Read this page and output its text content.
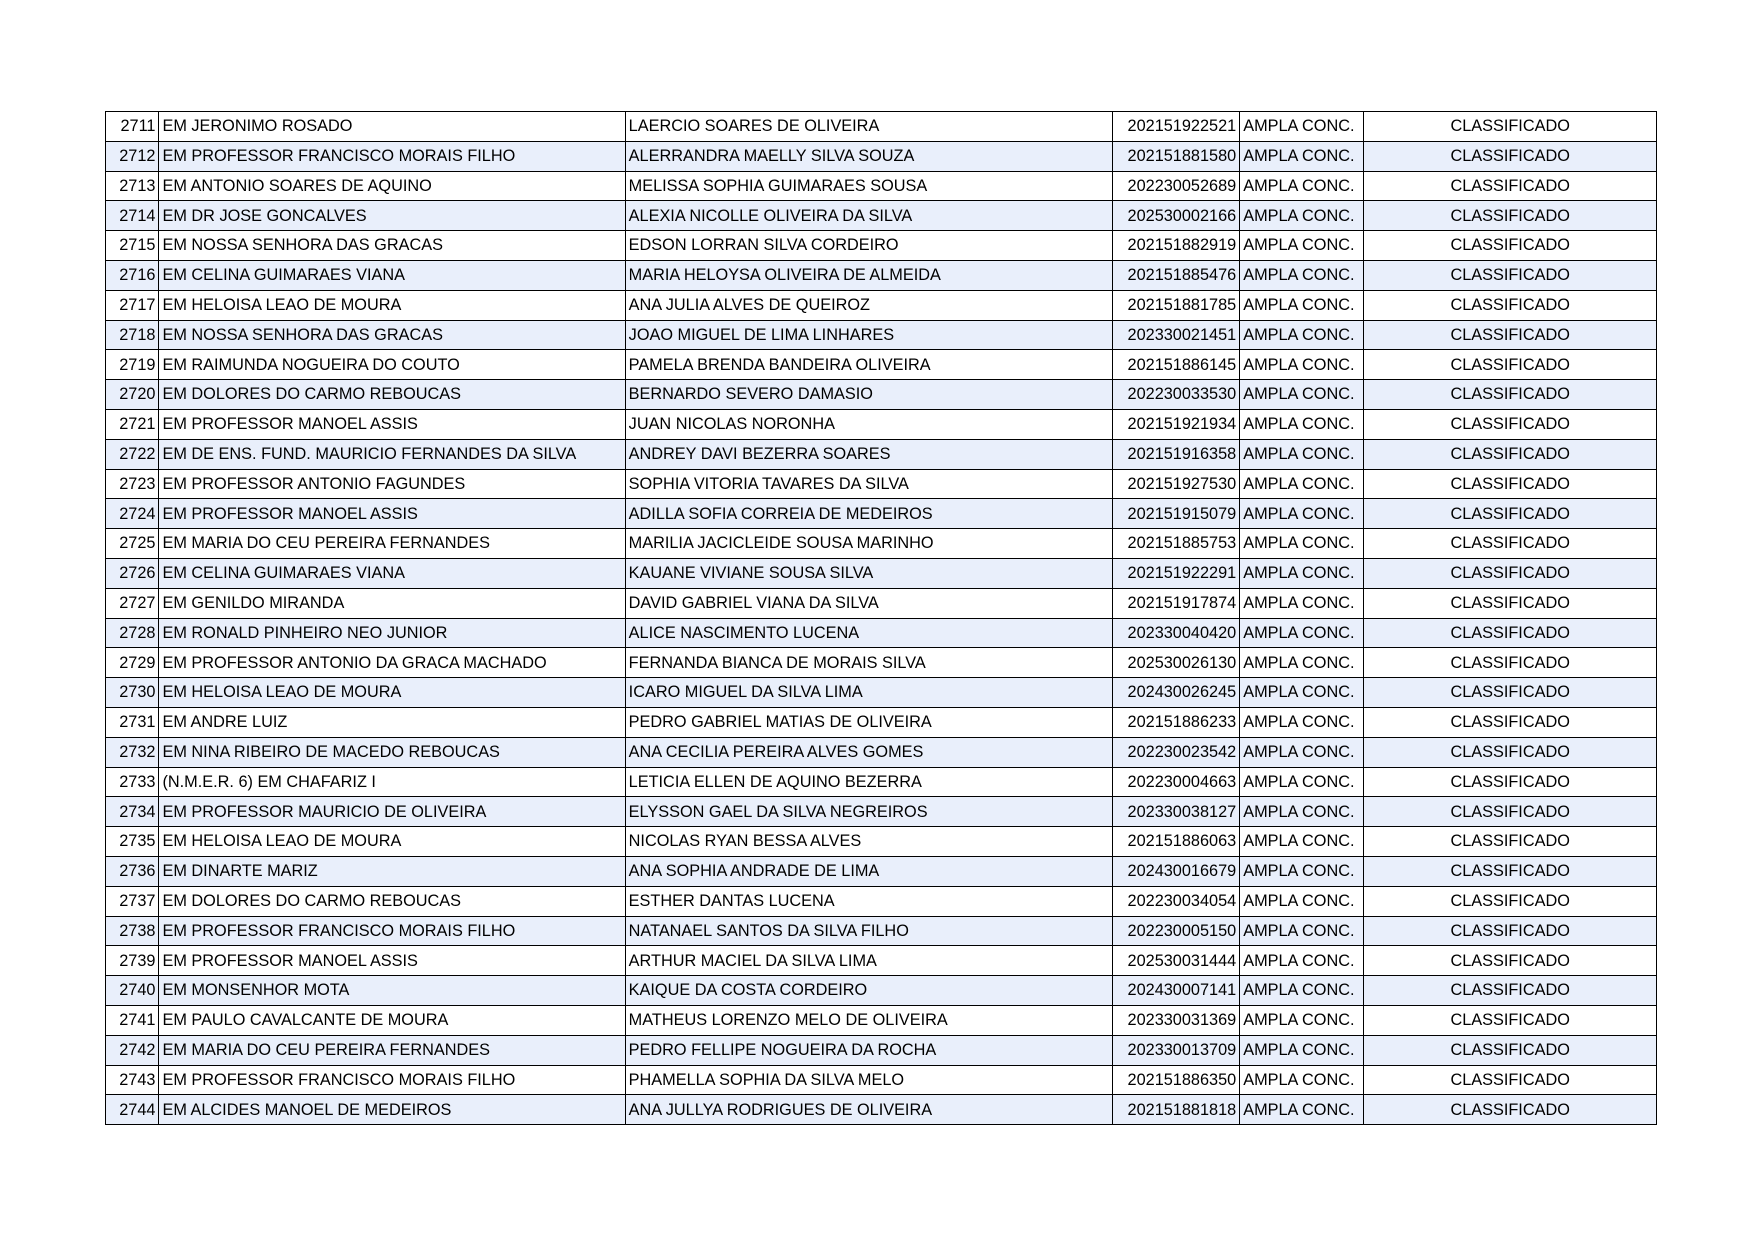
2711	EM JERONIMO ROSADO	LAERCIO SOARES DE OLIVEIRA	202151922521	AMPLA CONC.	CLASSIFICADO
2712	EM PROFESSOR FRANCISCO MORAIS FILHO	ALERRANDRA MAELLY SILVA SOUZA	202151881580	AMPLA CONC.	CLASSIFICADO
2713	EM ANTONIO SOARES DE AQUINO	MELISSA SOPHIA GUIMARAES SOUSA	202230052689	AMPLA CONC.	CLASSIFICADO
2714	EM DR JOSE GONCALVES	ALEXIA NICOLLE OLIVEIRA DA SILVA	202530002166	AMPLA CONC.	CLASSIFICADO
2715	EM NOSSA SENHORA DAS GRACAS	EDSON LORRAN SILVA CORDEIRO	202151882919	AMPLA CONC.	CLASSIFICADO
2716	EM CELINA GUIMARAES VIANA	MARIA HELOYSA OLIVEIRA DE ALMEIDA	202151885476	AMPLA CONC.	CLASSIFICADO
2717	EM HELOISA LEAO DE MOURA	ANA JULIA ALVES DE QUEIROZ	202151881785	AMPLA CONC.	CLASSIFICADO
2718	EM NOSSA SENHORA DAS GRACAS	JOAO MIGUEL DE LIMA LINHARES	202330021451	AMPLA CONC.	CLASSIFICADO
2719	EM RAIMUNDA NOGUEIRA DO COUTO	PAMELA BRENDA BANDEIRA OLIVEIRA	202151886145	AMPLA CONC.	CLASSIFICADO
2720	EM DOLORES DO CARMO REBOUCAS	BERNARDO SEVERO DAMASIO	202230033530	AMPLA CONC.	CLASSIFICADO
2721	EM PROFESSOR MANOEL ASSIS	JUAN NICOLAS NORONHA	202151921934	AMPLA CONC.	CLASSIFICADO
2722	EM DE ENS. FUND. MAURICIO FERNANDES DA SILVA	ANDREY DAVI BEZERRA SOARES	202151916358	AMPLA CONC.	CLASSIFICADO
2723	EM PROFESSOR ANTONIO FAGUNDES	SOPHIA VITORIA TAVARES DA SILVA	202151927530	AMPLA CONC.	CLASSIFICADO
2724	EM PROFESSOR MANOEL ASSIS	ADILLA SOFIA CORREIA DE MEDEIROS	202151915079	AMPLA CONC.	CLASSIFICADO
2725	EM MARIA DO CEU PEREIRA FERNANDES	MARILIA JACICLEIDE SOUSA MARINHO	202151885753	AMPLA CONC.	CLASSIFICADO
2726	EM CELINA GUIMARAES VIANA	KAUANE VIVIANE SOUSA SILVA	202151922291	AMPLA CONC.	CLASSIFICADO
2727	EM GENILDO MIRANDA	DAVID GABRIEL VIANA DA SILVA	202151917874	AMPLA CONC.	CLASSIFICADO
2728	EM RONALD PINHEIRO NEO JUNIOR	ALICE NASCIMENTO LUCENA	202330040420	AMPLA CONC.	CLASSIFICADO
2729	EM PROFESSOR ANTONIO DA GRACA MACHADO	FERNANDA BIANCA DE MORAIS SILVA	202530026130	AMPLA CONC.	CLASSIFICADO
2730	EM HELOISA LEAO DE MOURA	ICARO MIGUEL DA SILVA LIMA	202430026245	AMPLA CONC.	CLASSIFICADO
2731	EM ANDRE LUIZ	PEDRO GABRIEL MATIAS DE OLIVEIRA	202151886233	AMPLA CONC.	CLASSIFICADO
2732	EM NINA RIBEIRO DE MACEDO REBOUCAS	ANA CECILIA PEREIRA ALVES GOMES	202230023542	AMPLA CONC.	CLASSIFICADO
2733	(N.M.E.R. 6) EM CHAFARIZ I	LETICIA ELLEN DE AQUINO BEZERRA	202230004663	AMPLA CONC.	CLASSIFICADO
2734	EM PROFESSOR MAURICIO DE OLIVEIRA	ELYSSON GAEL DA SILVA NEGREIROS	202330038127	AMPLA CONC.	CLASSIFICADO
2735	EM HELOISA LEAO DE MOURA	NICOLAS RYAN BESSA ALVES	202151886063	AMPLA CONC.	CLASSIFICADO
2736	EM DINARTE MARIZ	ANA SOPHIA ANDRADE DE LIMA	202430016679	AMPLA CONC.	CLASSIFICADO
2737	EM DOLORES DO CARMO REBOUCAS	ESTHER DANTAS LUCENA	202230034054	AMPLA CONC.	CLASSIFICADO
2738	EM PROFESSOR FRANCISCO MORAIS FILHO	NATANAEL SANTOS DA SILVA FILHO	202230005150	AMPLA CONC.	CLASSIFICADO
2739	EM PROFESSOR MANOEL ASSIS	ARTHUR MACIEL DA SILVA LIMA	202530031444	AMPLA CONC.	CLASSIFICADO
2740	EM MONSENHOR MOTA	KAIQUE DA COSTA CORDEIRO	202430007141	AMPLA CONC.	CLASSIFICADO
2741	EM PAULO CAVALCANTE DE MOURA	MATHEUS LORENZO MELO DE OLIVEIRA	202330031369	AMPLA CONC.	CLASSIFICADO
2742	EM MARIA DO CEU PEREIRA FERNANDES	PEDRO FELLIPE NOGUEIRA DA ROCHA	202330013709	AMPLA CONC.	CLASSIFICADO
2743	EM PROFESSOR FRANCISCO MORAIS FILHO	PHAMELLA SOPHIA DA SILVA MELO	202151886350	AMPLA CONC.	CLASSIFICADO
2744	EM ALCIDES MANOEL DE MEDEIROS	ANA JULLYA RODRIGUES DE OLIVEIRA	202151881818	AMPLA CONC.	CLASSIFICADO
